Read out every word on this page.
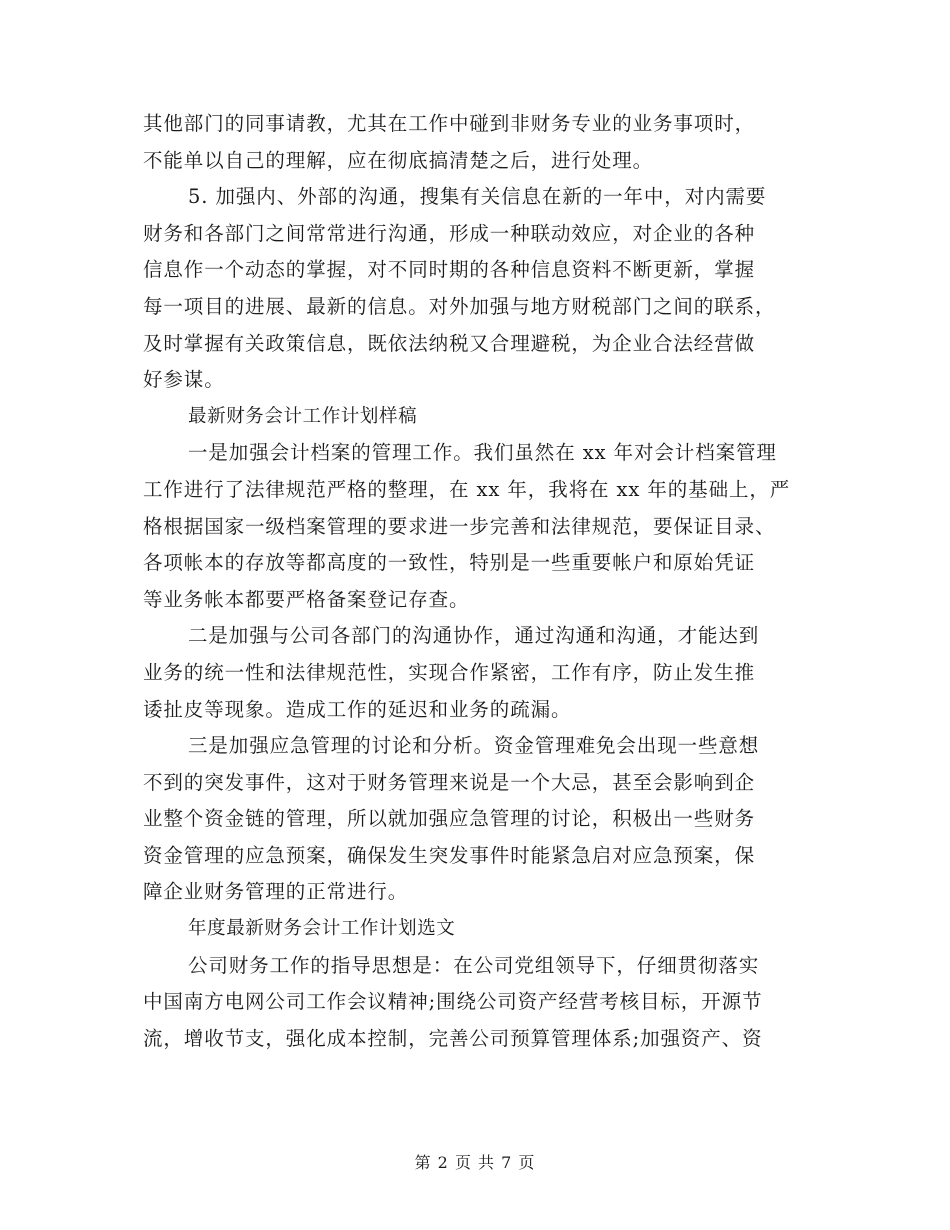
其他部门的同事请教，尤其在工作中碰到非财务专业的业务事项时，
不能单以自己的理解，应在彻底搞清楚之后，进行处理。
5. 加强内、外部的沟通，搜集有关信息在新的一年中，对内需要
财务和各部门之间常常进行沟通，形成一种联动效应，对企业的各种
信息作一个动态的掌握，对不同时期的各种信息资料不断更新，掌握
每一项目的进展、最新的信息。对外加强与地方财税部门之间的联系，
及时掌握有关政策信息，既依法纳税又合理避税，为企业合法经营做
好参谋。
最新财务会计工作计划样稿
一是加强会计档案的管理工作。我们虽然在 xx 年对会计档案管理
工作进行了法律规范严格的整理，在 xx 年，我将在 xx 年的基础上，严
格根据国家一级档案管理的要求进一步完善和法律规范，要保证目录、
各项帐本的存放等都高度的一致性，特别是一些重要帐户和原始凭证
等业务帐本都要严格备案登记存查。
二是加强与公司各部门的沟通协作，通过沟通和沟通，才能达到
业务的统一性和法律规范性，实现合作紧密，工作有序，防止发生推
诿扯皮等现象。造成工作的延迟和业务的疏漏。
三是加强应急管理的讨论和分析。资金管理难免会出现一些意想
不到的突发事件，这对于财务管理来说是一个大忌，甚至会影响到企
业整个资金链的管理，所以就加强应急管理的讨论，积极出一些财务
资金管理的应急预案，确保发生突发事件时能紧急启对应急预案，保
障企业财务管理的正常进行。
年度最新财务会计工作计划选文
公司财务工作的指导思想是：在公司党组领导下，仔细贯彻落实
中国南方电网公司工作会议精神;围绕公司资产经营考核目标，开源节
流，增收节支，强化成本控制，完善公司预算管理体系;加强资产、资
第 2 页 共 7 页
